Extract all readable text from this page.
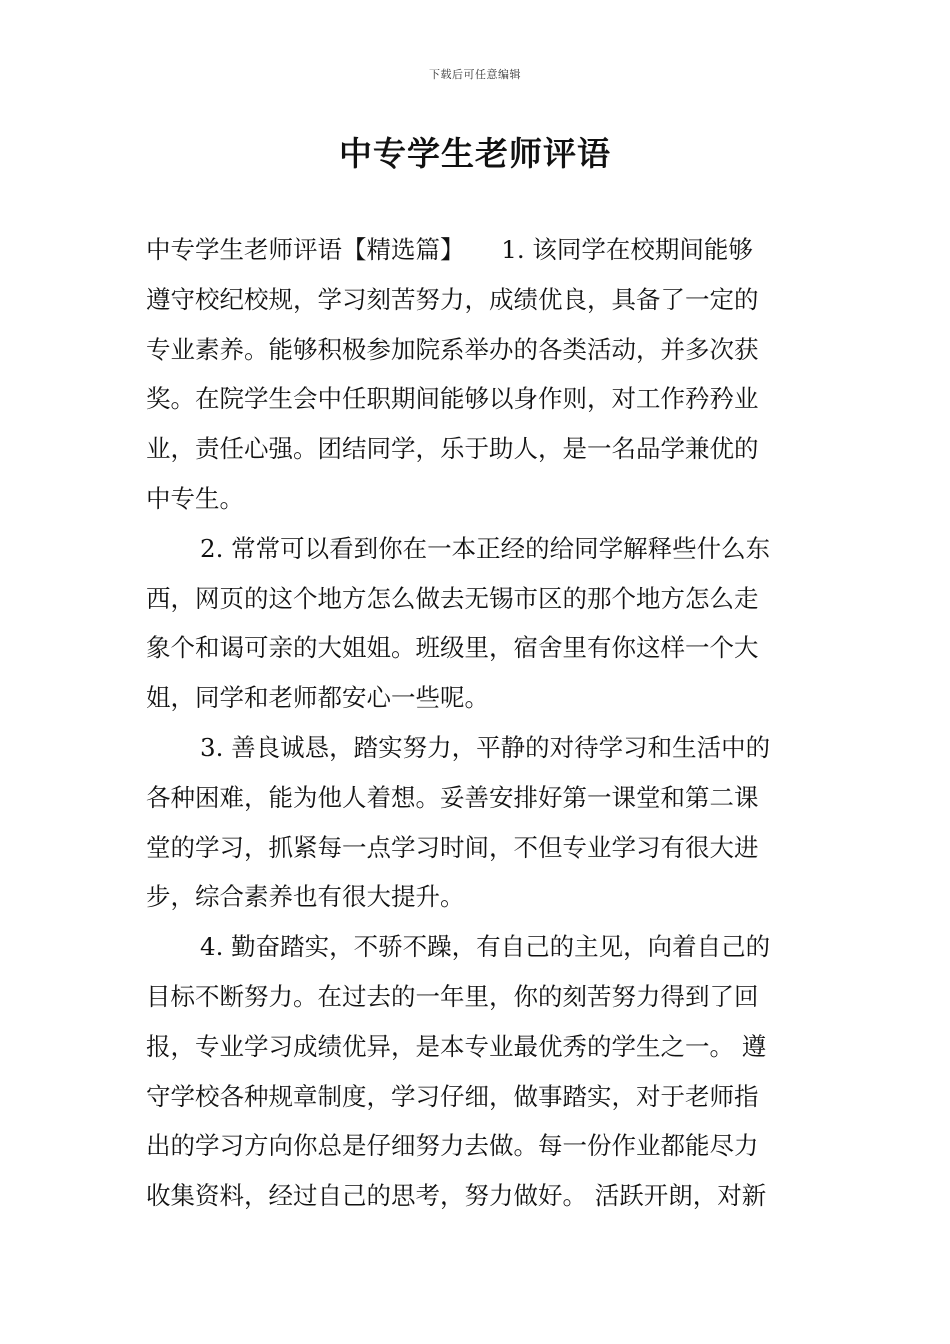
下载后可任意编辑
中专学生老师评语
中专学生老师评语【精选篇】　　1. 该同学在校期间能够
遵守校纪校规，学习刻苦努力，成绩优良，具备了一定的
专业素养。能够积极参加院系举办的各类活动，并多次获
奖。在院学生会中任职期间能够以身作则，对工作矜矜业
业，责任心强。团结同学，乐于助人，是一名品学兼优的
中专生。
2. 常常可以看到你在一本正经的给同学解释些什么东
西，网页的这个地方怎么做去无锡市区的那个地方怎么走
象个和谒可亲的大姐姐。班级里，宿舍里有你这样一个大
姐，同学和老师都安心一些呢。
3. 善良诚恳，踏实努力，平静的对待学习和生活中的
各种困难，能为他人着想。妥善安排好第一课堂和第二课
堂的学习，抓紧每一点学习时间，不但专业学习有很大进
步，综合素养也有很大提升。
4. 勤奋踏实，不骄不躁，有自己的主见，向着自己的
目标不断努力。在过去的一年里，你的刻苦努力得到了回
报，专业学习成绩优异，是本专业最优秀的学生之一。 遵
守学校各种规章制度，学习仔细，做事踏实，对于老师指
出的学习方向你总是仔细努力去做。每一份作业都能尽力
收集资料，经过自己的思考，努力做好。 活跃开朗，对新
